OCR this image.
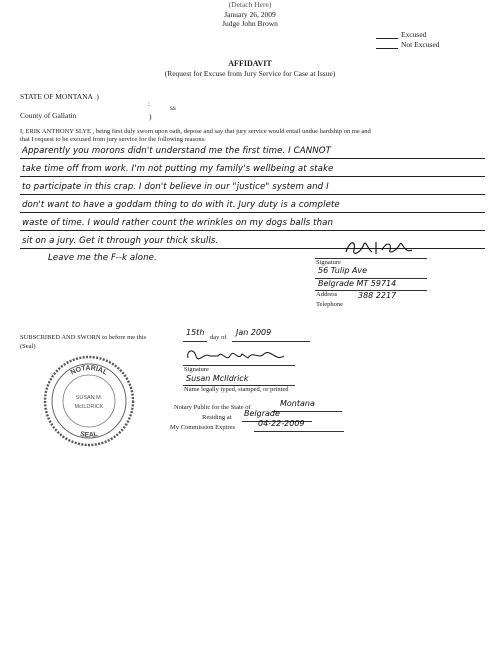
(Detach Here)
January 26, 2009
Judge John Brown
Excused
Not Excused
AFFIDAVIT
(Request for Excuse from Jury Service for Case at Issue)
STATE OF MONTANA )
:	ss
County of Gallatin	)
I, ERIK ANTHONY SLYE , being first duly sworn upon oath, depose and say that jury service would entail undue hardship on me and
that I request to be excused from jury service for the following reasons:
Apparently you morons didn't understand me the first time. I CANNOT
take time off from work. I'm not putting my family's wellbeing at stake
to participate in this crap. I don't believe in our "justice" system and I
don't want to have a goddam thing to do with it. Jury duty is a complete
waste of time. I would rather count the wrinkles on my dogs balls than
sit on a jury. Get it through your thick skulls.
Leave me the F--k alone.	Signature
56 Tulip Ave
Belgrade MT 59714
Address	388 2217
Telephone
SUBSCRIBED AND SWORN to before me this
15th
day of
Jan 2009
(Seal)
NOTARIAL
SEAL
SUSAN M.
McILDRICK
Signature
Susan McIldrick
Name legally typed, stamped, or printed
Notary Public for the State of	Montana
Residing at Belgrade
My Commission Expires	04-22-2009
